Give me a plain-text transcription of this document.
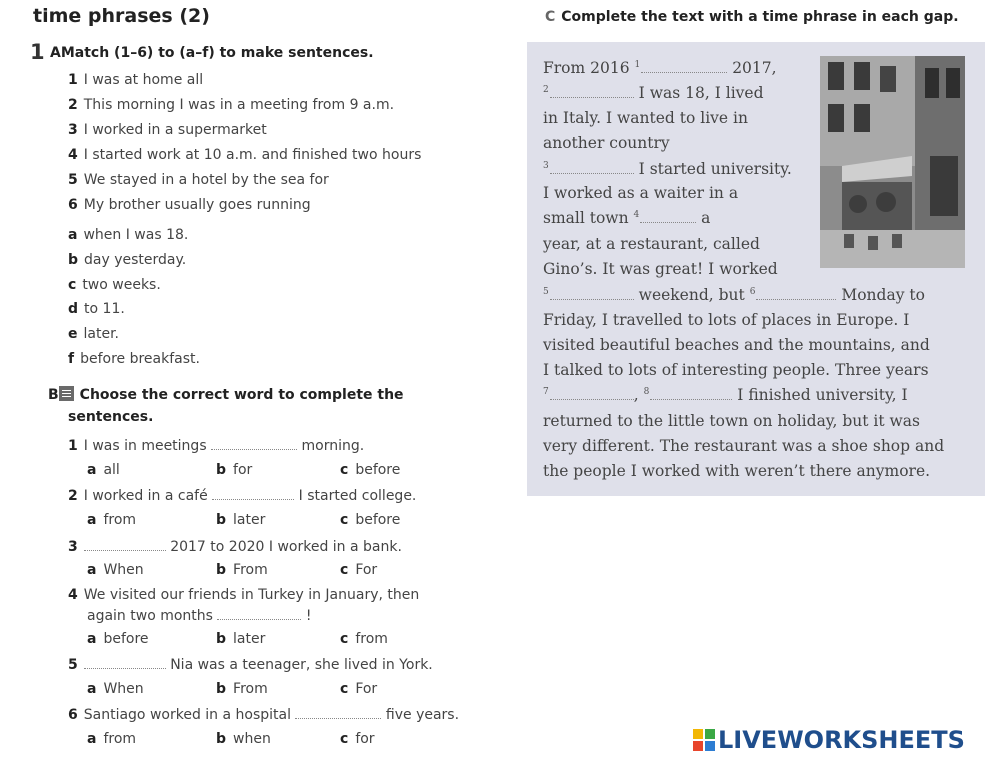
time phrases (2)
1 AMatch (1–6) to (a–f) to make sentences.
1 I was at home all
2 This morning I was in a meeting from 9 a.m.
3 I worked in a supermarket
4 I started work at 10 a.m. and finished two hours
5 We stayed in a hotel by the sea for
6 My brother usually goes running
a when I was 18.
b day yesterday.
c two weeks.
d to 11.
e later.
f before breakfast.
B Choose the correct word to complete the
sentences.
1 I was in meetings	morning.
a all	b for	c before
2 I worked in a café	I started college.
a from	b later	c before
3	2017 to 2020 I worked in a bank.
a When	b From	c For
4 We visited our friends in Turkey in January, then
again two months	!
a before	b later	c from
5	Nia was a teenager, she lived in York.
a When	b From	c For
6 Santiago worked in a hospital	five years.
a from	b when	c for
C Complete the text with a time phrase in each gap.
From 2016 $^1$	2017,
$^2$	I was 18, I lived
in Italy. I wanted to live in
another country
$^3$	I started university.
I worked as a waiter in a
small town $^4$	a
year, at a restaurant, called
Gino’s. It was great! I worked
$^5$	weekend, but $^6$	Monday to
Friday, I travelled to lots of places in Europe. I
visited beautiful beaches and the mountains, and
I talked to lots of interesting people. Three years
$^7$	, $^8$	I finished university, I
returned to the little town on holiday, but it was
very different. The restaurant was a shoe shop and
the people I worked with weren’t there anymore.
LIVEWORKSHEETS
